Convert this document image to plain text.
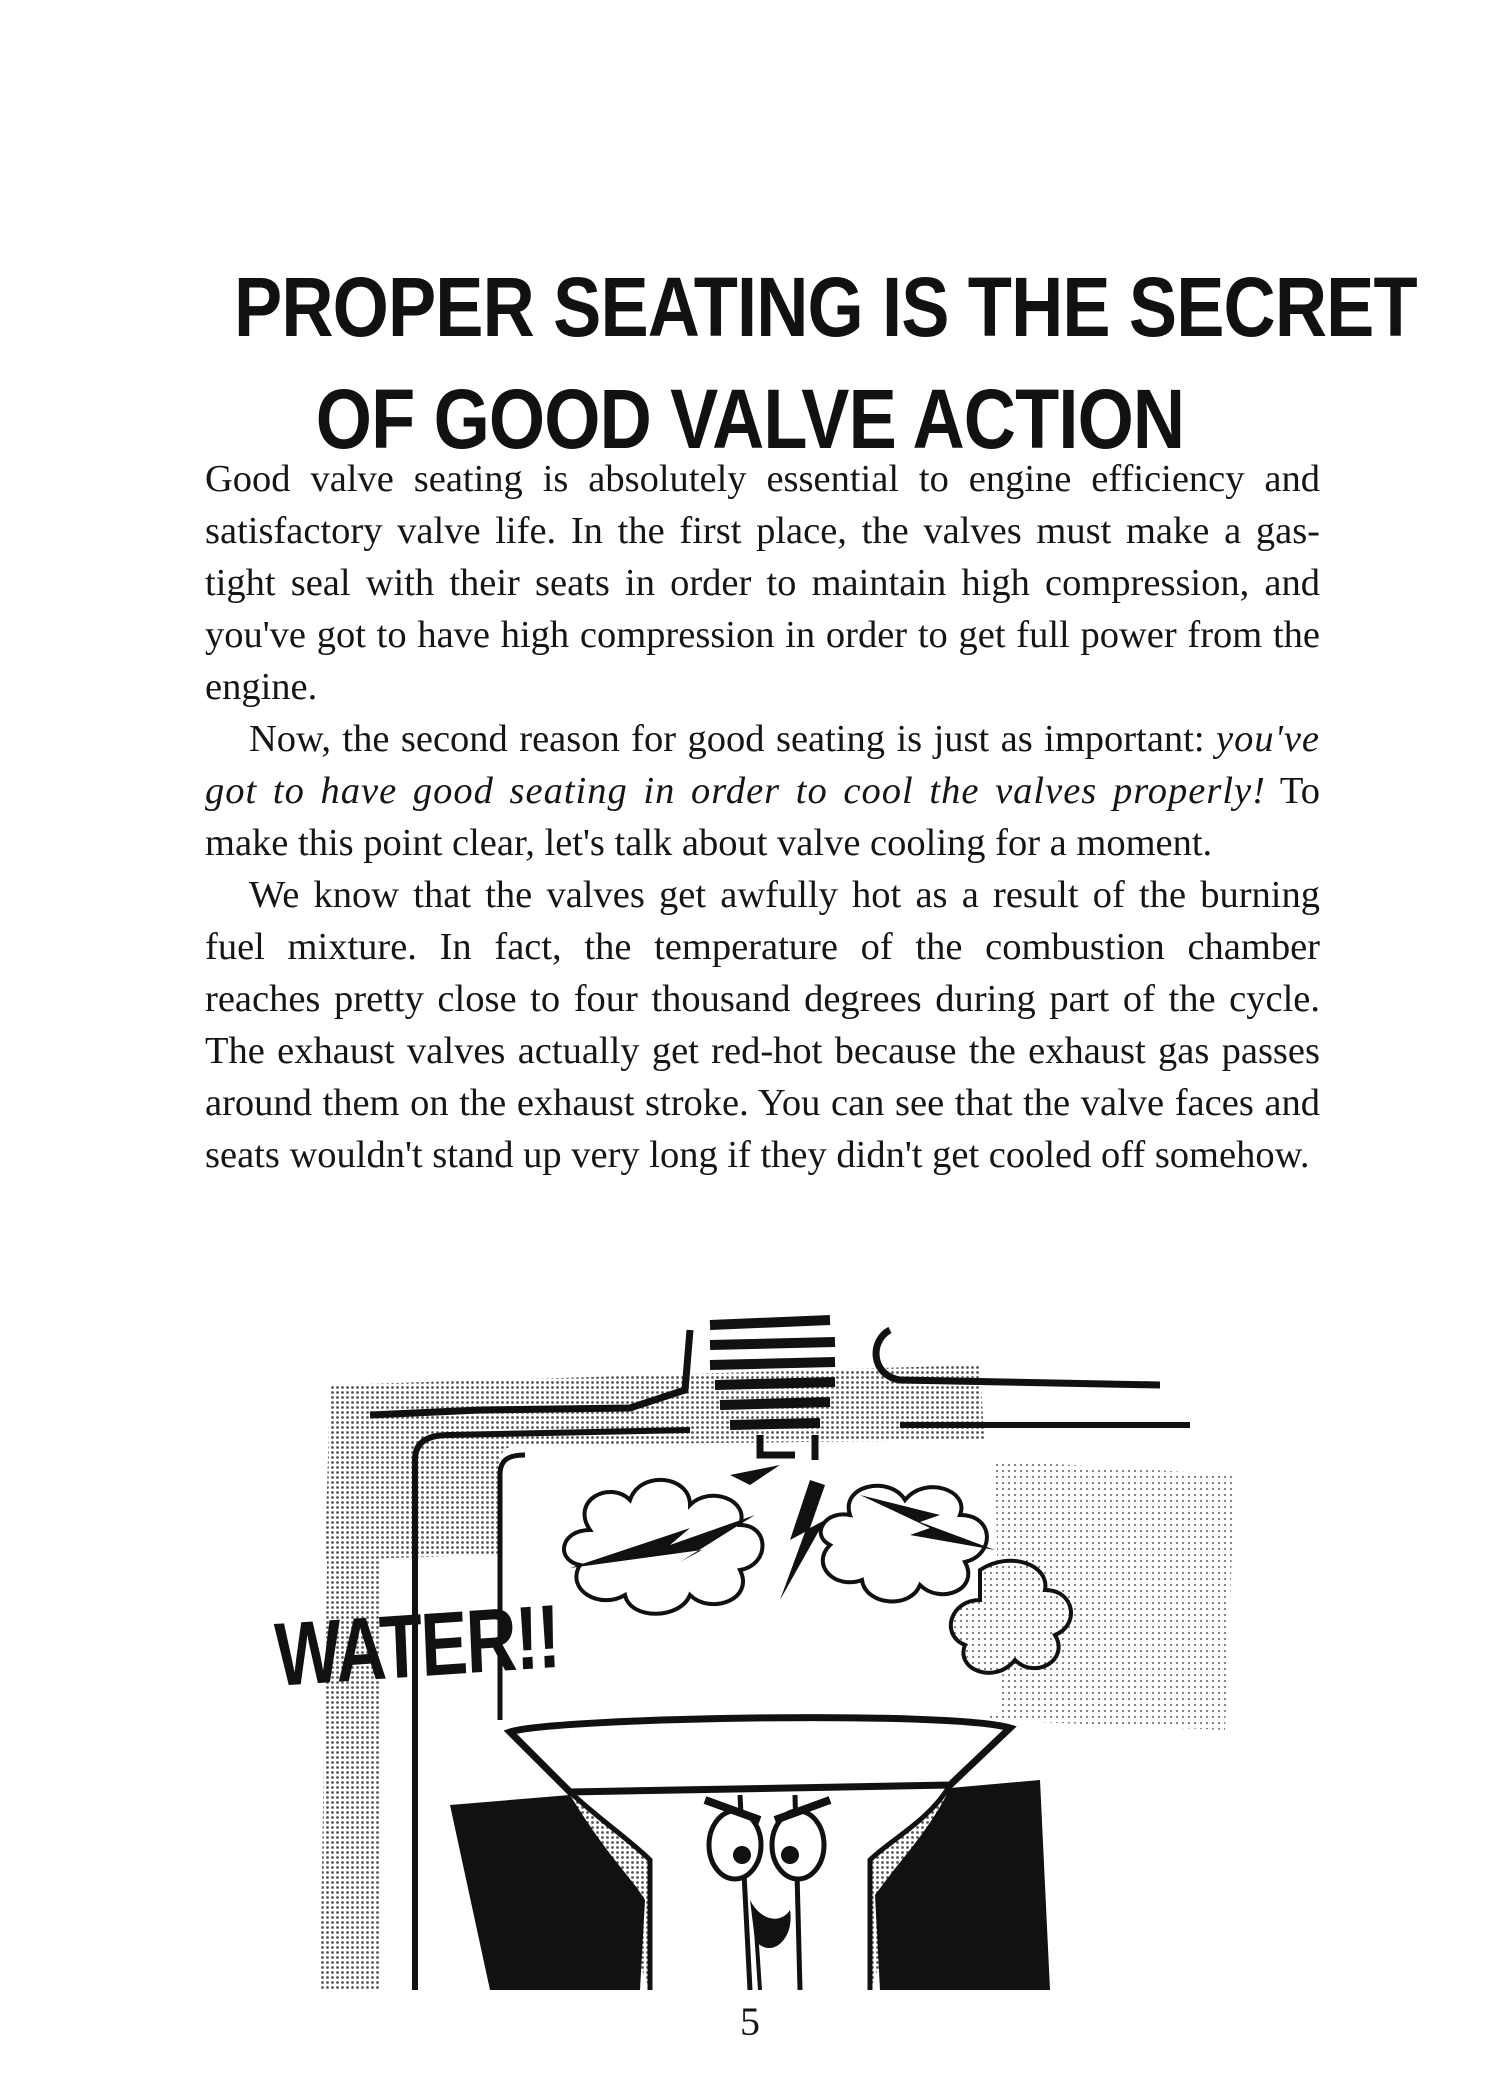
PROPER SEATING IS THE SECRET
OF GOOD VALVE ACTION

Good valve seating is absolutely essential to engine efficiency and satisfactory valve life. In the first place, the valves must make a gas-tight seal with their seats in order to maintain high compression, and you've got to have high compression in order to get full power from the engine.

Now, the second reason for good seating is just as important: you've got to have good seating in order to cool the valves properly! To make this point clear, let's talk about valve cooling for a moment.

We know that the valves get awfully hot as a result of the burning fuel mixture. In fact, the temperature of the combustion chamber reaches pretty close to four thousand degrees during part of the cycle. The exhaust valves actually get red-hot because the exhaust gas passes around them on the exhaust stroke. You can see that the valve faces and seats wouldn't stand up very long if they didn't get cooled off somehow.

WATER!!
5
